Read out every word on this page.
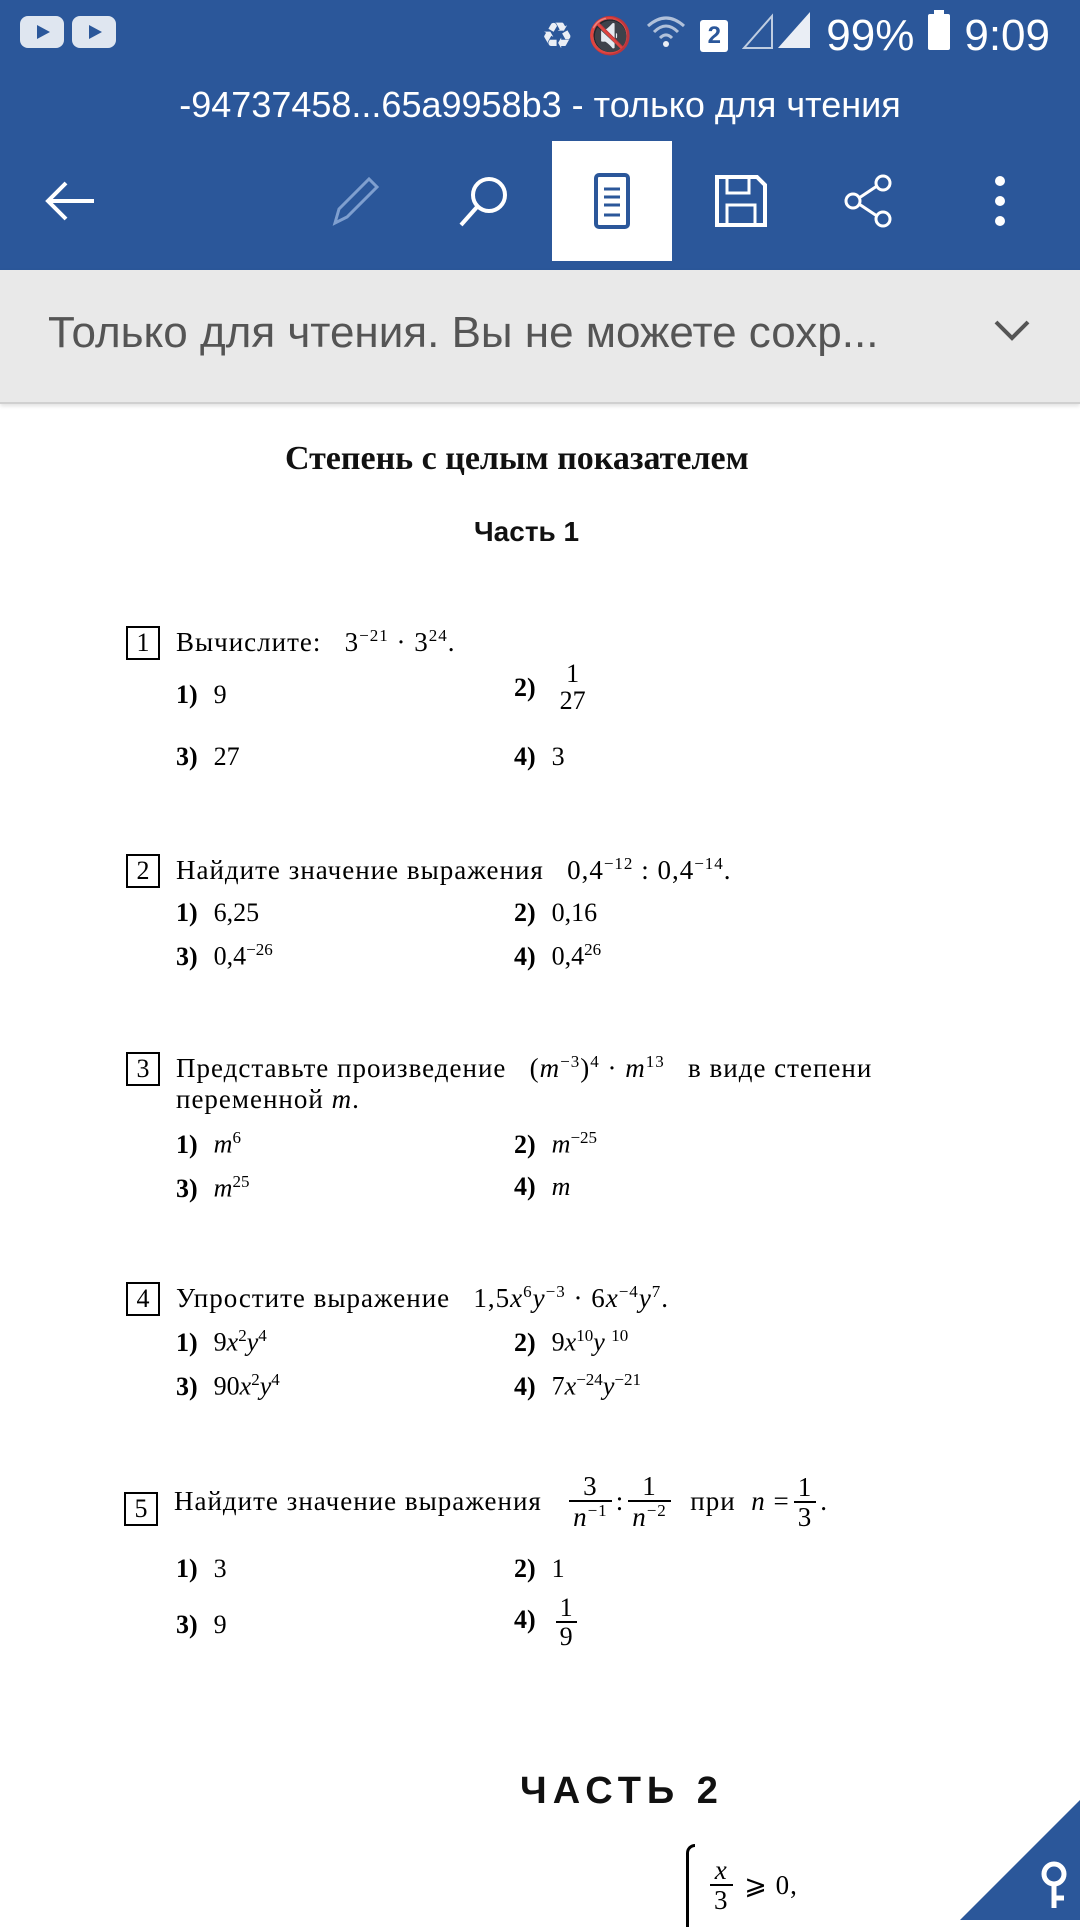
♻ 🔇	2 99% 9:09
-94737458...65a9958b3 - только для чтения
Только для чтения. Вы не можете сохр...
Степень с целым показателем
Часть 1
1 Вычислите: $3^{-21} \cdot 3^{24}$.
1) 9	2)	1
27
3) 27	4) 3
2 Найдите значение выражения $0,4^{-12}$ : $0,4^{-14}$.
1) 6,25	2) 0,16
3) $0,4^{-26}$	4) $0,4^{26}$
3 Представьте произведение $(m^{-3})^4 \cdot m^{13}$ в виде степени
переменной m.
1) $m^6$	2) $m^{-25}$
3) $m^{25}$	4) m
4 Упростите выражение $1,5x^6y^{-3} \cdot 6x^{-4}y^7$.
1) $9x^2y^4$	2) $9x^{10}y$ $^{10}$
3) $90x^2y^4$	4) $7x^{-24}y^{-21}$
5 Найдите значение выражения
$\frac{3}{n^{-1}}$ : $\frac{1}{n^{-2}}$
при
n
= $\frac{1}{3}$ .
1) 3	2) 1
3) 9	$4) \frac{1}{9}$
ЧАСТЬ 2
$\frac{x}{3}$
⩾ 0,
